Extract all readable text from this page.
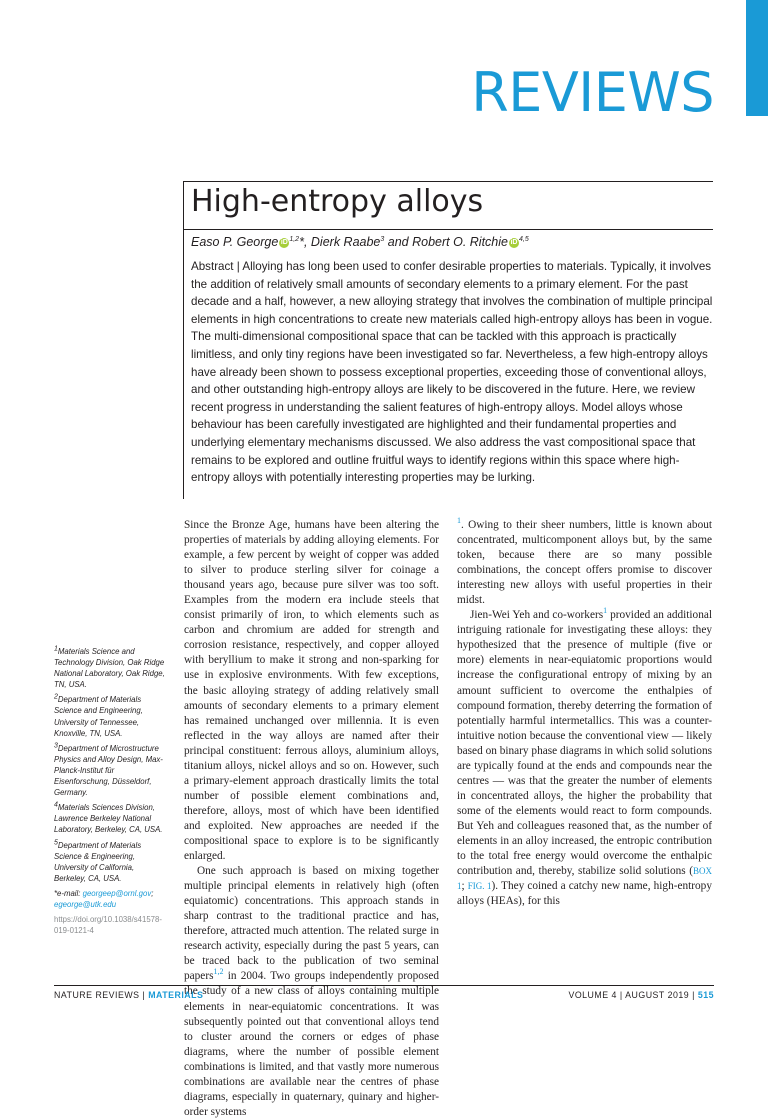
REVIEWS
High-entropy alloys
Easo P. George iD $^{1,2}$*, Dierk Raabe$^3$ and Robert O. Ritchie iD $^{4,5}$

Abstract | Alloying has long been used to confer desirable properties to materials. Typically, it involves the addition of relatively small amounts of secondary elements to a primary element. For the past decade and a half, however, a new alloying strategy that involves the combination of multiple principal elements in high concentrations to create new materials called high-entropy alloys has been in vogue. The multi-dimensional compositional space that can be tackled with this approach is practically limitless, and only tiny regions have been investigated so far. Nevertheless, a few high-entropy alloys have already been shown to possess exceptional properties, exceeding those of conventional alloys, and other outstanding high-entropy alloys are likely to be discovered in the future. Here, we review recent progress in understanding the salient features of high-entropy alloys. Model alloys whose behaviour has been carefully investigated are highlighted and their fundamental properties and underlying elementary mechanisms discussed. We also address the vast compositional space that remains to be explored and outline fruitful ways to identify regions within this space where high-entropy alloys with potentially interesting properties may be lurking.

Since the Bronze Age, humans have been altering the properties of materials by adding alloying elements. For example, a few percent by weight of copper was added to silver to produce sterling silver for coinage a thousand years ago, because pure silver was too soft. Examples from the modern era include steels that consist primarily of iron, to which elements such as carbon and chromium are added for strength and corrosion resistance, respectively, and copper alloyed with beryllium to make it strong and non-sparking for use in explosive environments. With few exceptions, the basic alloying strategy of adding relatively small amounts of secondary elements to a primary element has remained unchanged over millennia. It is even reflected in the way alloys are named after their principal constituent: ferrous alloys, aluminium alloys, titanium alloys, nickel alloys and so on. However, such a primary-element approach drastically limits the total number of possible element combinations and, therefore, alloys, most of which have been identified and exploited. New approaches are needed if the compositional space to explore is to be significantly enlarged.

One such approach is based on mixing together multiple principal elements in relatively high (often equiatomic) concentrations. This approach stands in sharp contrast to the traditional practice and has, therefore, attracted much attention. The related surge in research activity, especially during the past 5 years, can be traced back to the publication of two seminal papers$^{1,2}$ in 2004. Two groups independently proposed the study of a new class of alloys containing multiple elements in near-equiatomic concentrations. It was subsequently pointed out that conventional alloys tend to cluster around the corners or edges of phase diagrams, where the number of possible element combinations is limited, and that vastly more numerous combinations are available near the centres of phase diagrams, especially in quaternary, quinary and higher-order systems

$^1$. Owing to their sheer numbers, little is known about concentrated, multicomponent alloys but, by the same token, because there are so many possible combinations, the concept offers promise to discover interesting new alloys with useful properties in their midst.

Jien-Wei Yeh and co-workers$^1$ provided an additional intriguing rationale for investigating these alloys: they hypothesized that the presence of multiple (five or more) elements in near-equiatomic proportions would increase the configurational entropy of mixing by an amount sufficient to overcome the enthalpies of compound formation, thereby deterring the formation of potentially harmful intermetallics. This was a counter-intuitive notion because the conventional view — likely based on binary phase diagrams in which solid solutions are typically found at the ends and compounds near the centres — was that the greater the number of elements in concentrated alloys, the higher the probability that some of the elements would react to form compounds. But Yeh and colleagues reasoned that, as the number of elements in an alloy increased, the entropic contribution to the total free energy would overcome the enthalpic contribution and, thereby, stabilize solid solutions (BOX 1; FIG. 1). They coined a catchy new name, high-entropy alloys (HEAs), for this

$^1$Materials Science and Technology Division, Oak Ridge National Laboratory, Oak Ridge, TN, USA.

$^2$Department of Materials Science and Engineering, University of Tennessee, Knoxville, TN, USA.

$^3$Department of Microstructure Physics and Alloy Design, Max-Planck-Institut für Eisenforschung, Düsseldorf, Germany.

$^4$Materials Sciences Division, Lawrence Berkeley National Laboratory, Berkeley, CA, USA.

$^5$Department of Materials Science & Engineering, University of California, Berkeley, CA, USA.

*e-mail: georgeep@ornl.gov; egeorge@utk.edu

https://doi.org/10.1038/s41578-019-0121-4

NATURE REVIEWS | MATERIALS	VOLUME 4 | AUGUST 2019 | 515
